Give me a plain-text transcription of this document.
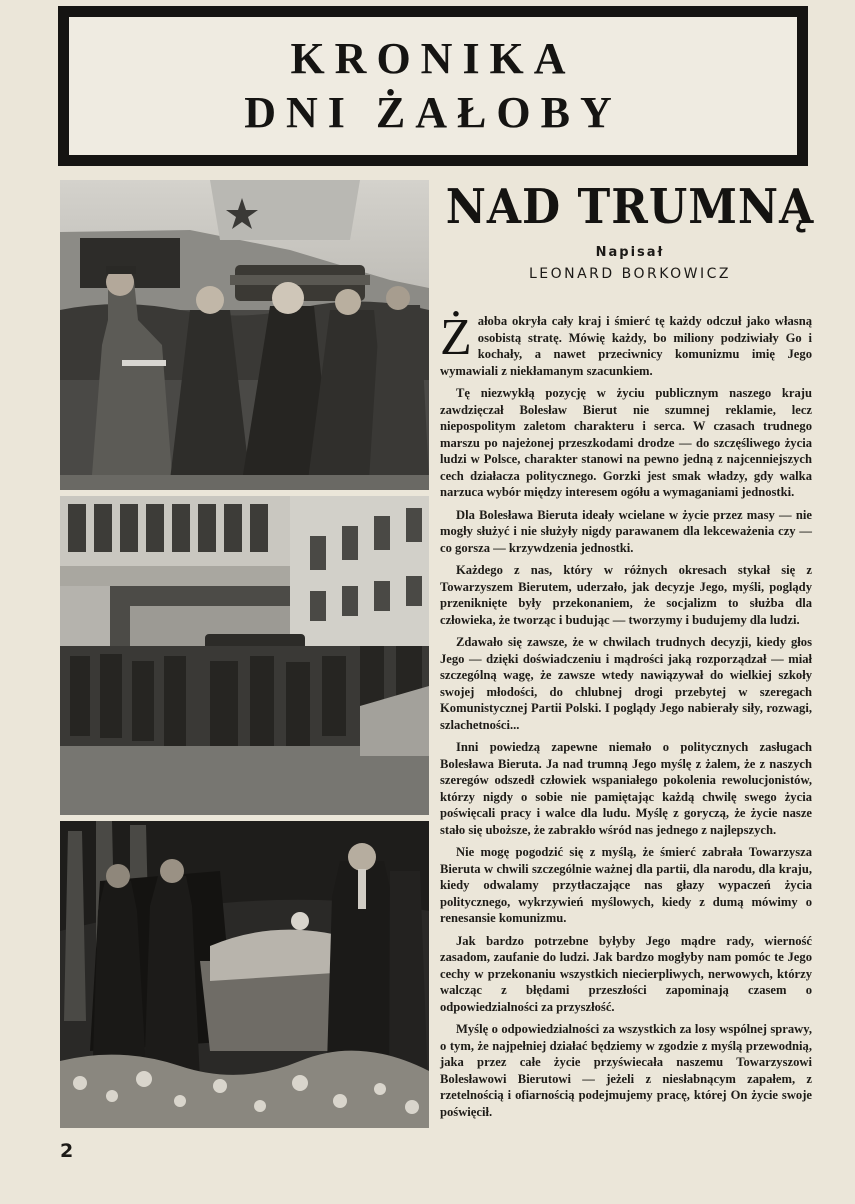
KRONIKA
DNI ŻAŁOBY
NAD TRUMNĄ
Napisał
LEONARD BORKOWICZ

Żałoba okryła cały kraj i śmierć tę każdy odczuł jako własną osobistą stratę. Mówię każdy, bo miliony podziwiały Go i kochały, a nawet przeciwnicy komunizmu imię Jego wymawiali z niekłamanym szacunkiem.

Tę niezwykłą pozycję w życiu publicznym naszego kraju zawdzięczał Bolesław Bierut nie szumnej reklamie, lecz niepospolitym zaletom charakteru i serca. W czasach trudnego marszu po najeżonej przeszkodami drodze — do szczęśliwego życia ludzi w Polsce, charakter stanowi na pewno jedną z najcenniejszych cech działacza politycznego. Gorzki jest smak władzy, gdy walka narzuca wybór między interesem ogółu a wymaganiami jednostki.

Dla Bolesława Bieruta ideały wcielane w życie przez masy — nie mogły służyć i nie służyły nigdy parawanem dla lekceważenia czy — co gorsza — krzywdzenia jednostki.

Każdego z nas, który w różnych okresach stykał się z Towarzyszem Bierutem, uderzało, jak decyzje Jego, myśli, poglądy przeniknięte były przekonaniem, że socjalizm to służba dla człowieka, że tworząc i budując — tworzymy i budujemy dla ludzi.

Zdawało się zawsze, że w chwilach trudnych decyzji, kiedy głos Jego — dzięki doświadczeniu i mądrości jaką rozporządzał — miał szczególną wagę, że zawsze wtedy nawiązywał do wielkiej szkoły swojej młodości, do chlubnej drogi przebytej w szeregach Komunistycznej Partii Polski. I poglądy Jego nabierały siły, rozwagi, szlachetności...

Inni powiedzą zapewne niemało o politycznych zasługach Bolesława Bieruta. Ja nad trumną Jego myślę z żalem, że z naszych szeregów odszedł człowiek wspaniałego pokolenia rewolucjonistów, którzy nigdy o sobie nie pamiętając każdą chwilę swego życia poświęcali pracy i walce dla ludu. Myślę z goryczą, że życie nasze stało się uboższe, że zabrakło wśród nas jednego z najlepszych.

Nie mogę pogodzić się z myślą, że śmierć zabrała Towarzysza Bieruta w chwili szczególnie ważnej dla partii, dla narodu, dla kraju, kiedy odwalamy przytłaczające nas głazy wypaczeń życia politycznego, wykrzywień myślowych, kiedy z dumą mówimy o renesansie komunizmu.

Jak bardzo potrzebne byłyby Jego mądre rady, wierność zasadom, zaufanie do ludzi. Jak bardzo mogłyby nam pomóc te Jego cechy w przekonaniu wszystkich niecierpliwych, nerwowych, którzy walcząc z błędami przeszłości zapominają czasem o odpowiedzialności za przyszłość.

Myślę o odpowiedzialności za wszystkich za losy wspólnej sprawy, o tym, że najpełniej działać będziemy w zgodzie z myślą przewodnią, jaka przez całe życie przyświecała naszemu Towarzyszowi Bolesławowi Bierutowi — jeżeli z niesłabnącym zapałem, z rzetelnością i ofiarnością podejmujemy pracę, której On życie swoje poświęcił.

2
